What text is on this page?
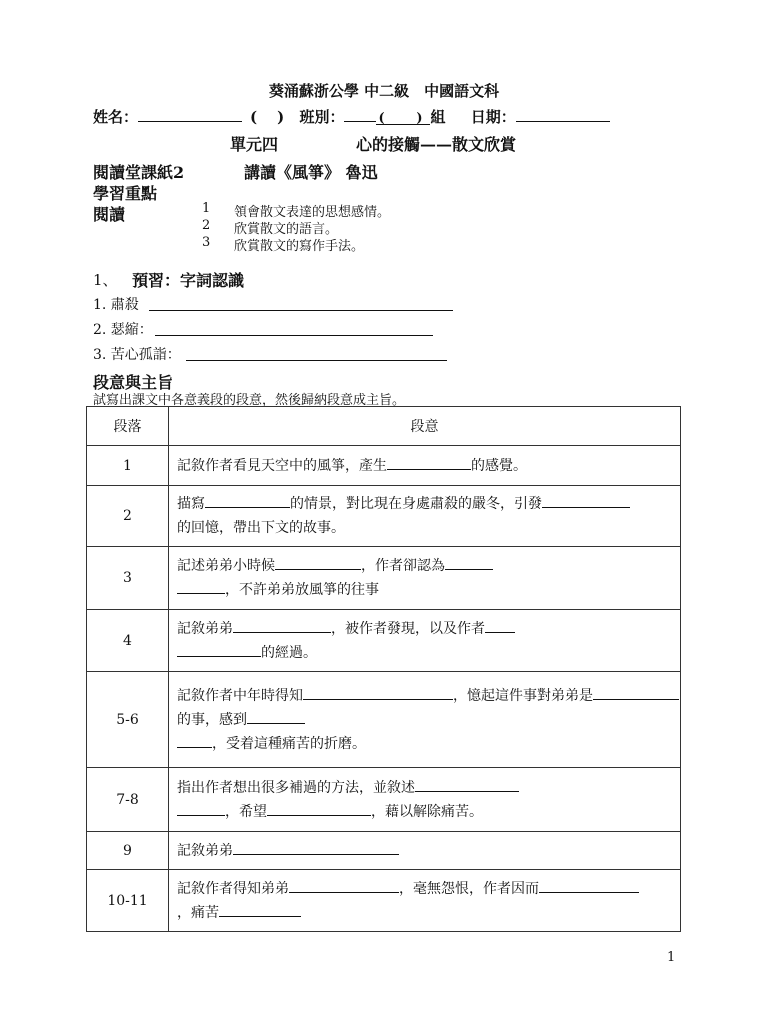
葵涌蘇浙公學 中二級　中國語文科
姓名：	( ) 班別：	(       ) 組 日期：
單元四	心的接觸——散文欣賞
閱讀堂課紙2	講讀《風箏》 魯迅
學習重點
閱讀	1 領會散文表達的思想感情。
2 欣賞散文的語言。
3 欣賞散文的寫作手法。
1、 預習：字詞認識
1. 肅殺
2. 瑟縮：
3. 苦心孤詣：
段意與主旨
試寫出課文中各意義段的段意，然後歸納段意成主旨。
段落	段意
1	記敘作者看見天空中的風箏，產生 的感覺。
2	描寫 的情景，對比現在身處肅殺的嚴冬，引發
的回憶，帶出下文的故事。
3	記述弟弟小時候 ，作者卻認為
，不許弟弟放風箏的往事
4	記敘弟弟 ，被作者發現，以及作者
的經過。
5-6	記敘作者中年時得知 ，憶起這件事對弟弟是
的事，感到
，受着這種痛苦的折磨。
7-8	指出作者想出很多補過的方法，並敘述
，希望 ，藉以解除痛苦。
9	記敘弟弟
10-11	記敘作者得知弟弟 ，毫無怨恨，作者因而
，痛苦
1
